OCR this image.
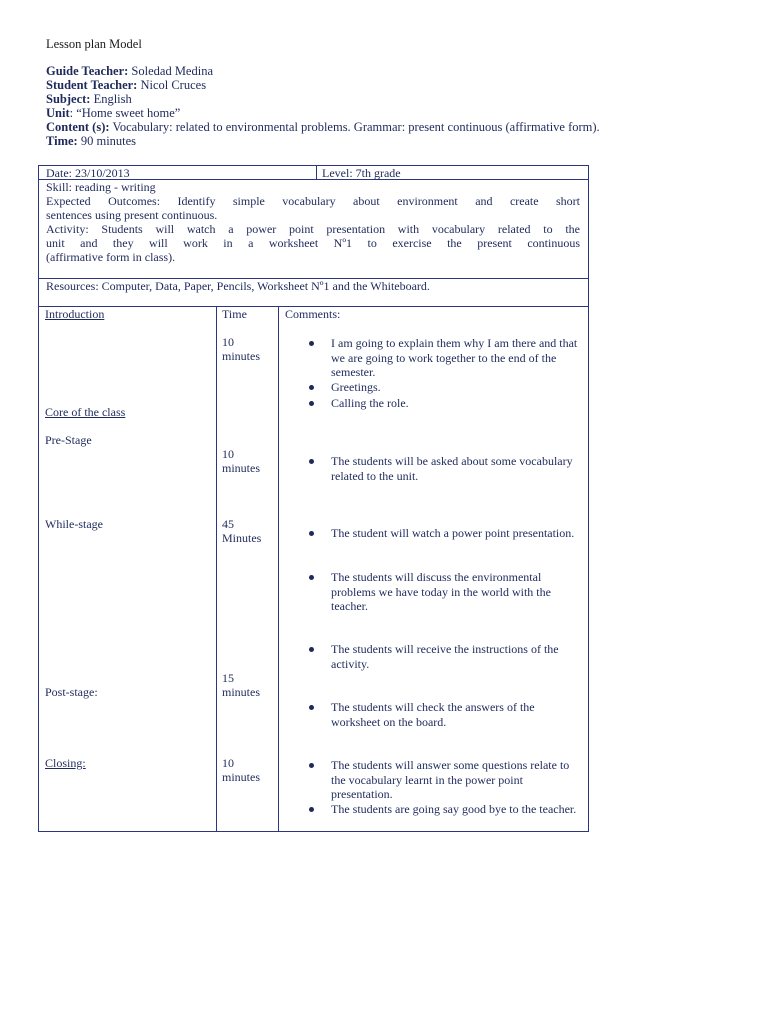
Lesson plan Model
Guide Teacher: Soledad Medina
Student Teacher: Nicol Cruces
Subject: English
Unit: “Home sweet home”
Content (s): Vocabulary: related to environmental problems. Grammar: present continuous (affirmative form).
Time: 90 minutes
Date: 23/10/2013	Level: 7th grade
Skill: reading - writing
Expected Outcomes: Identify simple vocabulary about environment and create short
sentences using present continuous.
Activity: Students will watch a power point presentation with vocabulary related to the
unit and they will work in a worksheet Nº1 to exercise the present continuous
(affirmative form in class).
Resources: Computer, Data, Paper, Pencils, Worksheet Nº1 and the Whiteboard.
Introduction
Core of the class
Pre-Stage
While-stage
Post-stage:
Closing:
Time
10
minutes
10
minutes
45
Minutes
15
minutes
10
minutes
Comments:
I am going to explain them why I am there and that we are going to work together to the end of the semester.
Greetings.
Calling the role.
The students will be asked about some vocabulary related to the unit.
The student will watch a power point presentation.
The students will discuss the environmental problems we have today in the world with the teacher.
The students will receive the instructions of the activity.
The students will check the answers of the worksheet on the board.
The students will answer some questions relate to the vocabulary learnt in the power point presentation.
The students are going say good bye to the teacher.
